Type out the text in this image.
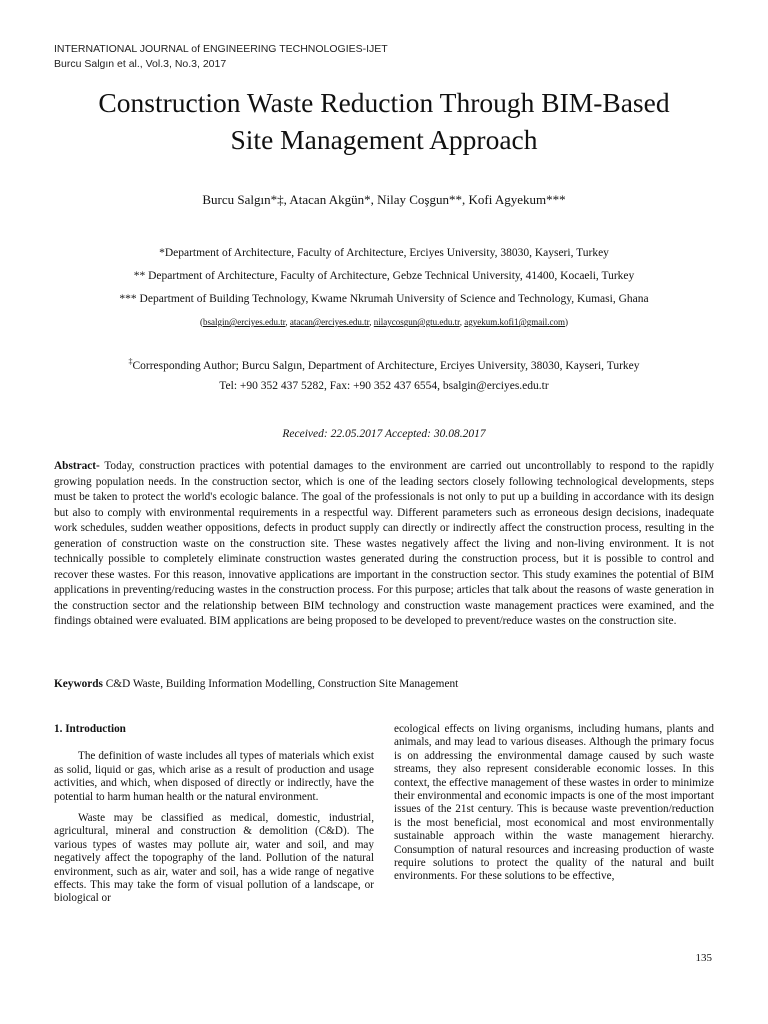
INTERNATIONAL JOURNAL of ENGINEERING TECHNOLOGIES-IJET
Burcu Salgın et al., Vol.3, No.3, 2017
Construction Waste Reduction Through BIM-Based
Site Management Approach
Burcu Salgın*‡, Atacan Akgün*, Nilay Coşgun**, Kofi Agyekum***
*Department of Architecture, Faculty of Architecture, Erciyes University, 38030, Kayseri, Turkey
** Department of Architecture, Faculty of Architecture, Gebze Technical University, 41400, Kocaeli, Turkey
*** Department of Building Technology, Kwame Nkrumah University of Science and Technology, Kumasi, Ghana
(bsalgin@erciyes.edu.tr, atacan@erciyes.edu.tr, nilaycosgun@gtu.edu.tr, agyekum.kofi1@gmail.com)
‡Corresponding Author; Burcu Salgın, Department of Architecture, Erciyes University, 38030, Kayseri, Turkey
Tel: +90 352 437 5282, Fax: +90 352 437 6554, bsalgin@erciyes.edu.tr
Received: 22.05.2017 Accepted: 30.08.2017
Abstract- Today, construction practices with potential damages to the environment are carried out uncontrollably to respond to the rapidly growing population needs. In the construction sector, which is one of the leading sectors closely following technological developments, steps must be taken to protect the world's ecologic balance. The goal of the professionals is not only to put up a building in accordance with its design but also to comply with environmental requirements in a respectful way. Different parameters such as erroneous design decisions, inadequate work schedules, sudden weather oppositions, defects in product supply can directly or indirectly affect the construction process, resulting in the generation of construction waste on the construction site. These wastes negatively affect the living and non-living environment. It is not technically possible to completely eliminate construction wastes generated during the construction process, but it is possible to control and recover these wastes. For this reason, innovative applications are important in the construction sector. This study examines the potential of BIM applications in preventing/reducing wastes in the construction process. For this purpose; articles that talk about the reasons of waste generation in the construction sector and the relationship between BIM technology and construction waste management practices were examined, and the findings obtained were evaluated. BIM applications are being proposed to be developed to prevent/reduce wastes on the construction site.
Keywords C&D Waste, Building Information Modelling, Construction Site Management
1. Introduction

The definition of waste includes all types of materials which exist as solid, liquid or gas, which arise as a result of production and usage activities, and which, when disposed of directly or indirectly, have the potential to harm human health or the natural environment.

Waste may be classified as medical, domestic, industrial, agricultural, mineral and construction & demolition (C&D). The various types of wastes may pollute air, water and soil, and may negatively affect the topography of the land. Pollution of the natural environment, such as air, water and soil, has a wide range of negative effects. This may take the form of visual pollution of a landscape, or biological or

ecological effects on living organisms, including humans, plants and animals, and may lead to various diseases. Although the primary focus is on addressing the environmental damage caused by such waste streams, they also represent considerable economic losses. In this context, the effective management of these wastes in order to minimize their environmental and economic impacts is one of the most important issues of the 21st century. This is because waste prevention/reduction is the most beneficial, most economical and most environmentally sustainable approach within the waste management hierarchy. Consumption of natural resources and increasing production of waste require solutions to protect the quality of the natural and built environments. For these solutions to be effective,

135
